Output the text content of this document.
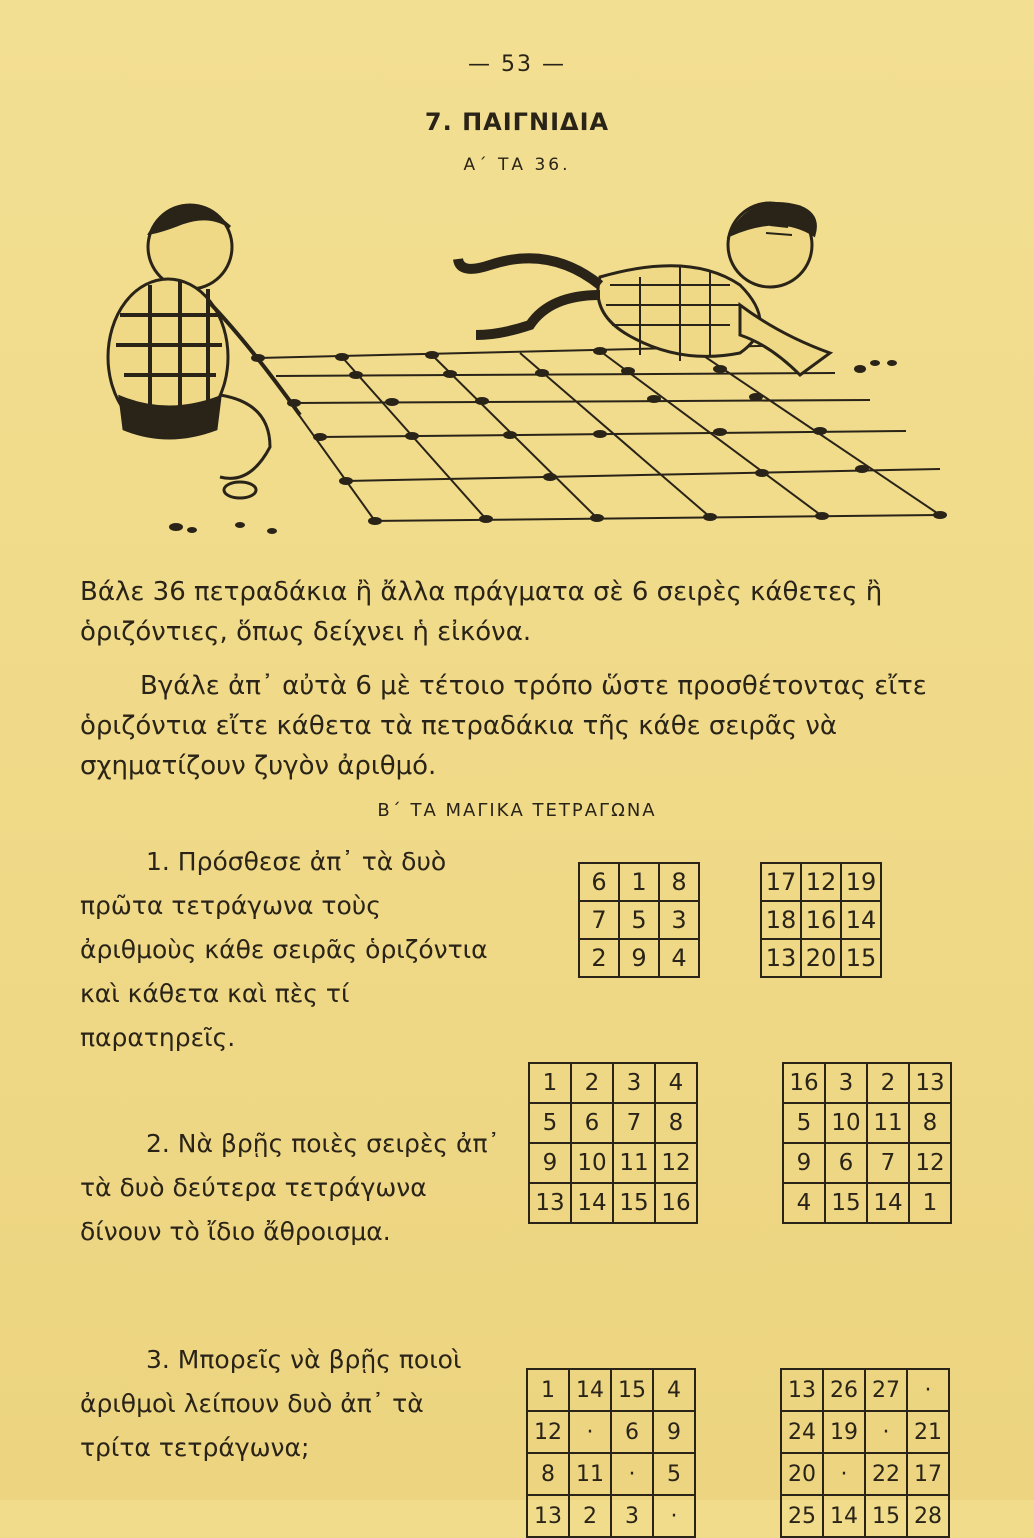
— 53 —
7. ΠΑΙΓΝΙΔΙΑ
Α΄ ΤΑ 36.
Βάλε 36 πετραδάκια ἢ ἄλλα πράγματα σὲ 6 σειρὲς κάθετες ἢ ὁριζόντιες, ὅπως δείχνει ἡ εἰκόνα.
Βγάλε ἀπ᾿ αὐτὰ 6 μὲ τέτοιο τρόπο ὥστε προσθέτοντας εἴτε ὁριζόντια εἴτε κάθετα τὰ πετραδάκια τῆς κάθε σειρᾶς νὰ σχηματίζουν ζυγὸν ἀριθμό.
Β΄ ΤΑ ΜΑΓΙΚΑ ΤΕΤΡΑΓΩΝΑ
1. Πρόσθεσε ἀπ᾿ τὰ δυὸ πρῶτα τετράγωνα τοὺς ἀριθμοὺς κάθε σειρᾶς ὁριζόντια καὶ κάθετα καὶ πὲς τί παρατηρεῖς.
2. Νὰ βρῇς ποιὲς σειρὲς ἀπ᾿ τὰ δυὸ δεύτερα τετράγωνα δίνουν τὸ ἴδιο ἄθροισμα.
3. Μπορεῖς νὰ βρῇς ποιοὶ ἀριθμοὶ λείπουν δυὸ ἀπ᾿ τὰ τρίτα τετράγωνα;
6	1	8
7	5	3
2	9	4
17	12	19
18	16	14
13	20	15
1	2	3	4
5	6	7	8
9	10	11	12
13	14	15	16
16	3	2	13
5	10	11	8
9	6	7	12
4	15	14	1
1	14	15	4
12	·	6	9
8	11	·	5
13	2	3	·
13	26	27	·
24	19	·	21
20	·	22	17
25	14	15	28
